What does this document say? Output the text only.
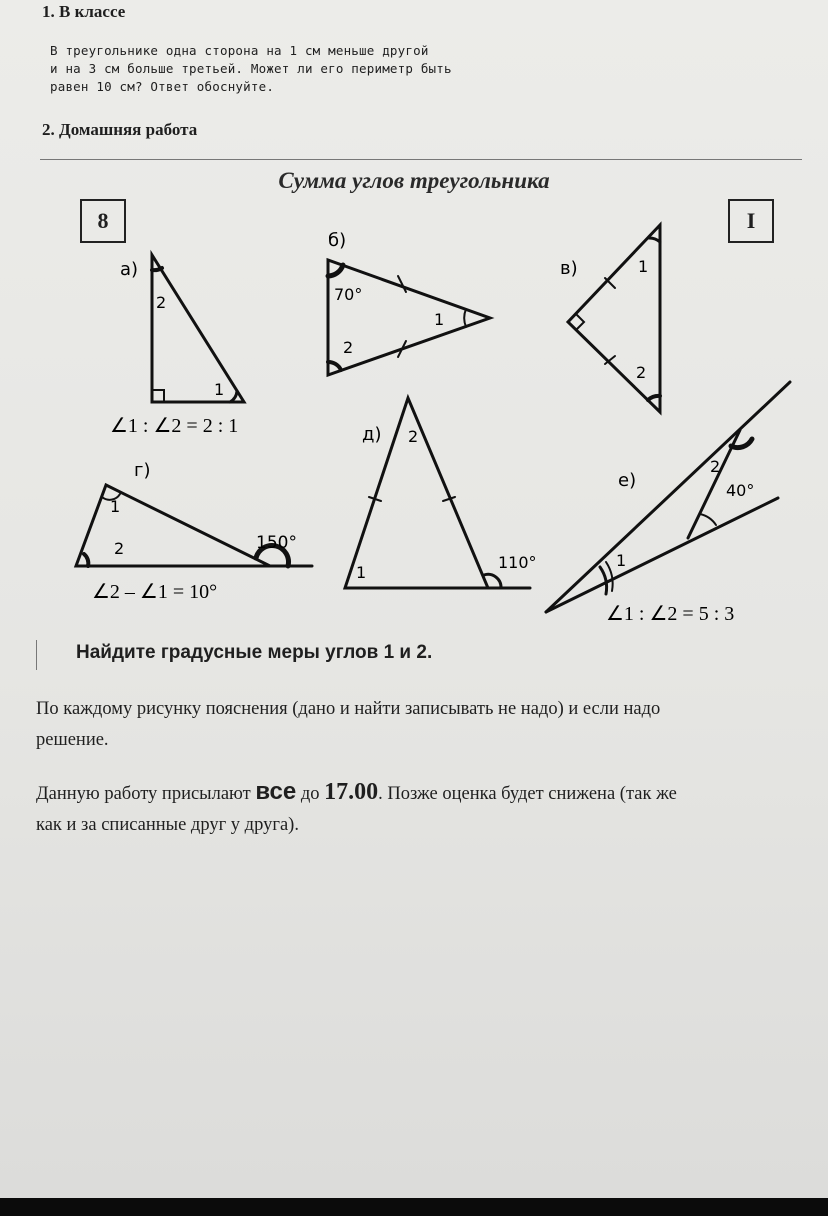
1. В классе
В треугольнике одна сторона на 1 см меньше другой
и на 3 см больше третьей. Может ли его периметр быть
равен 10 см? Ответ обоснуйте.
2. Домашняя работа
Сумма углов треугольника
8	I
а)
2
1
∠1 : ∠2 = 2 : 1
б)
70°
2
1
в)	1
2
г)
1
2	150°
∠2 – ∠1 = 10°
д) 2
1
110°
е)
2
40°
1
∠1 : ∠2 = 5 : 3
Найдите градусные меры углов 1 и 2.
По каждому рисунку пояснения (дано и найти записывать не надо) и если надо
решение.
Данную работу присылают все до 17.00. Позже оценка будет снижена (так же
как и за списанные друг у друга).
